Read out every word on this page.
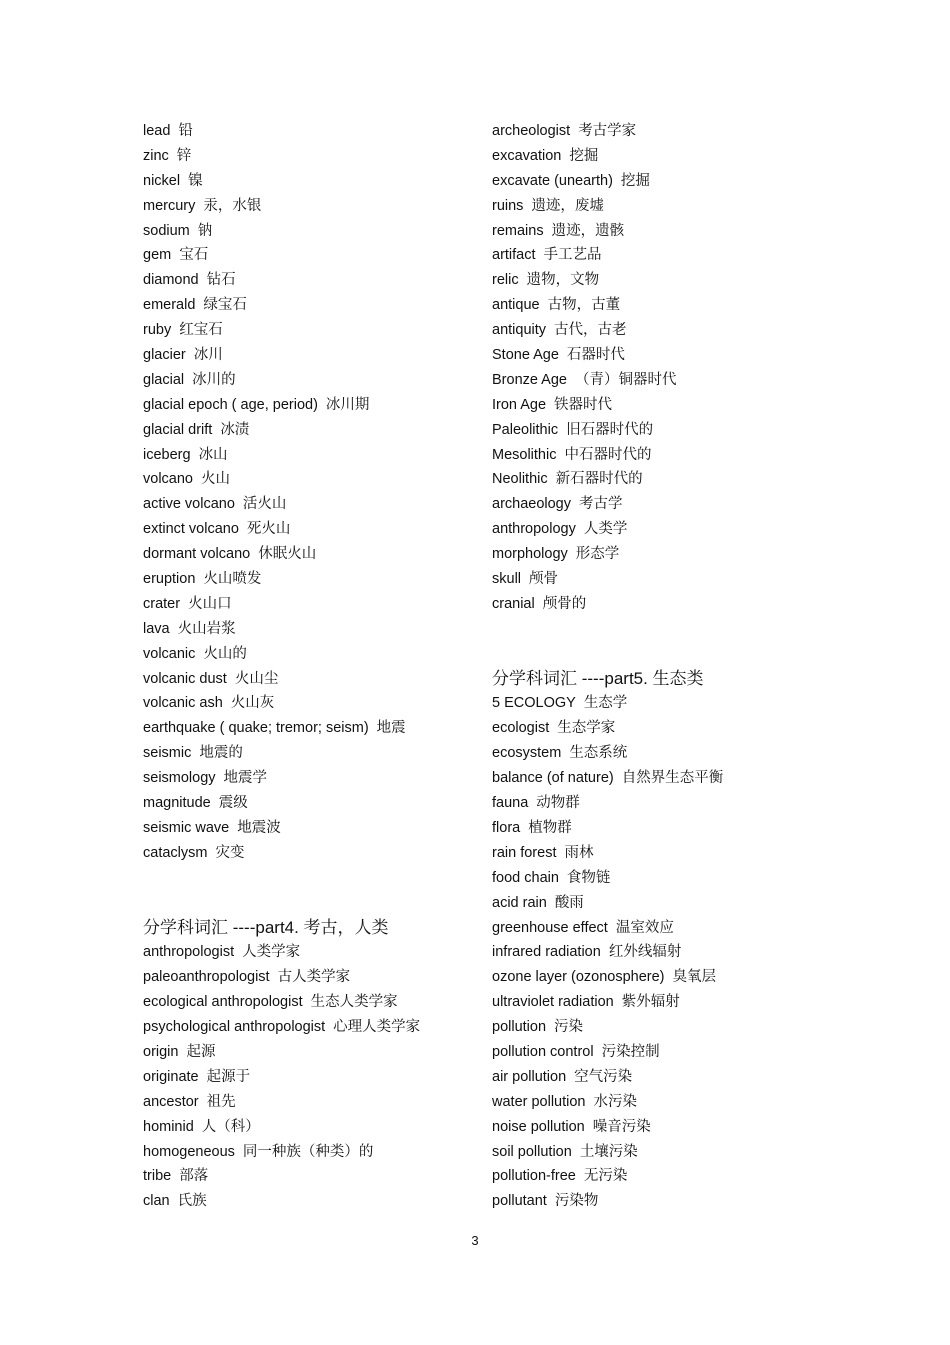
lead 铅
zinc 锌
nickel 镍
mercury 汞，水银
sodium 钠
gem 宝石
diamond 钻石
emerald 绿宝石
ruby 红宝石
glacier 冰川
glacial 冰川的
glacial epoch ( age, period) 冰川期
glacial drift 冰渍
iceberg 冰山
volcano 火山
active volcano 活火山
extinct volcano 死火山
dormant volcano 休眠火山
eruption 火山喷发
crater 火山口
lava 火山岩浆
volcanic 火山的
volcanic dust 火山尘
volcanic ash 火山灰
earthquake ( quake; tremor; seism) 地震
seismic 地震的
seismology 地震学
magnitude 震级
seismic wave 地震波
cataclysm 灾变
分学科词汇 ----part4. 考古，人类
anthropologist 人类学家
paleoanthropologist 古人类学家
ecological anthropologist 生态人类学家
psychological anthropologist 心理人类学家
origin 起源
originate 起源于
ancestor 祖先
hominid 人（科）
homogeneous 同一种族（种类）的
tribe 部落
clan 氏族
archeologist 考古学家
excavation 挖掘
excavate (unearth) 挖掘
ruins 遗迹，废墟
remains 遗迹，遗骸
artifact 手工艺品
relic 遗物，文物
antique 古物，古董
antiquity 古代，古老
Stone Age 石器时代
Bronze Age （青）铜器时代
Iron Age 铁器时代
Paleolithic 旧石器时代的
Mesolithic 中石器时代的
Neolithic 新石器时代的
archaeology 考古学
anthropology 人类学
morphology 形态学
skull 颅骨
cranial 颅骨的
分学科词汇 ----part5. 生态类
5 ECOLOGY 生态学
ecologist 生态学家
ecosystem 生态系统
balance (of nature) 自然界生态平衡
fauna 动物群
flora 植物群
rain forest 雨林
food chain 食物链
acid rain 酸雨
greenhouse effect 温室效应
infrared radiation 红外线辐射
ozone layer (ozonosphere) 臭氧层
ultraviolet radiation 紫外辐射
pollution 污染
pollution control 污染控制
air pollution 空气污染
water pollution 水污染
noise pollution 噪音污染
soil pollution 土壤污染
pollution-free 无污染
pollutant 污染物
3
